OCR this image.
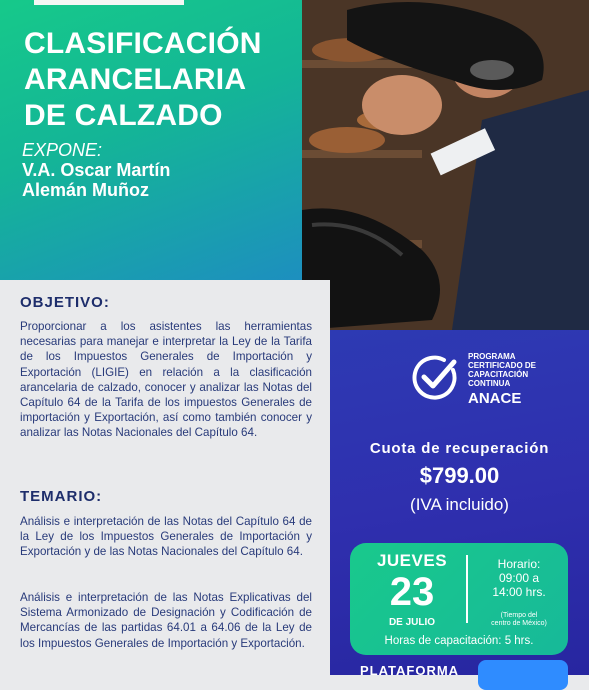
CLASIFICACIÓN
ARANCELARIA
DE CALZADO
EXPONE:
V.A. Oscar Martín
Alemán Muñoz
OBJETIVO:
Proporcionar a los asistentes las herramientas necesarias para manejar e interpretar la Ley de la Tarifa de los Impuestos Generales de Importación y Exportación (LIGIE) en relación a la clasificación arancelaria de calzado, conocer y analizar las Notas del Capítulo 64 de la Tarifa de los impuestos Generales de importación y Exportación, así como también conocer y analizar las Notas Nacionales del Capítulo 64.
TEMARIO:
Análisis e interpretación de las Notas del Capítulo 64 de la Ley de los Impuestos Generales de Importación y Exportación y de las Notas Nacionales del Capítulo 64.
Análisis e interpretación de las Notas Explicativas del Sistema Armonizado de Designación y Codificación de Mercancías de las partidas 64.01 a 64.06 de la Ley de los Impuestos Generales de Importación y Exportación.
PROGRAMA
CERTIFICADO DE
CAPACITACIÓN
CONTINUA
ANACE
Cuota de recuperación
$799.00
(IVA incluido)
JUEVES
23
DE JULIO
Horario:
09:00 a
14:00 hrs.
(Tiempo del
centro de México)
Horas de capacitación: 5 hrs.
PLATAFORMA
